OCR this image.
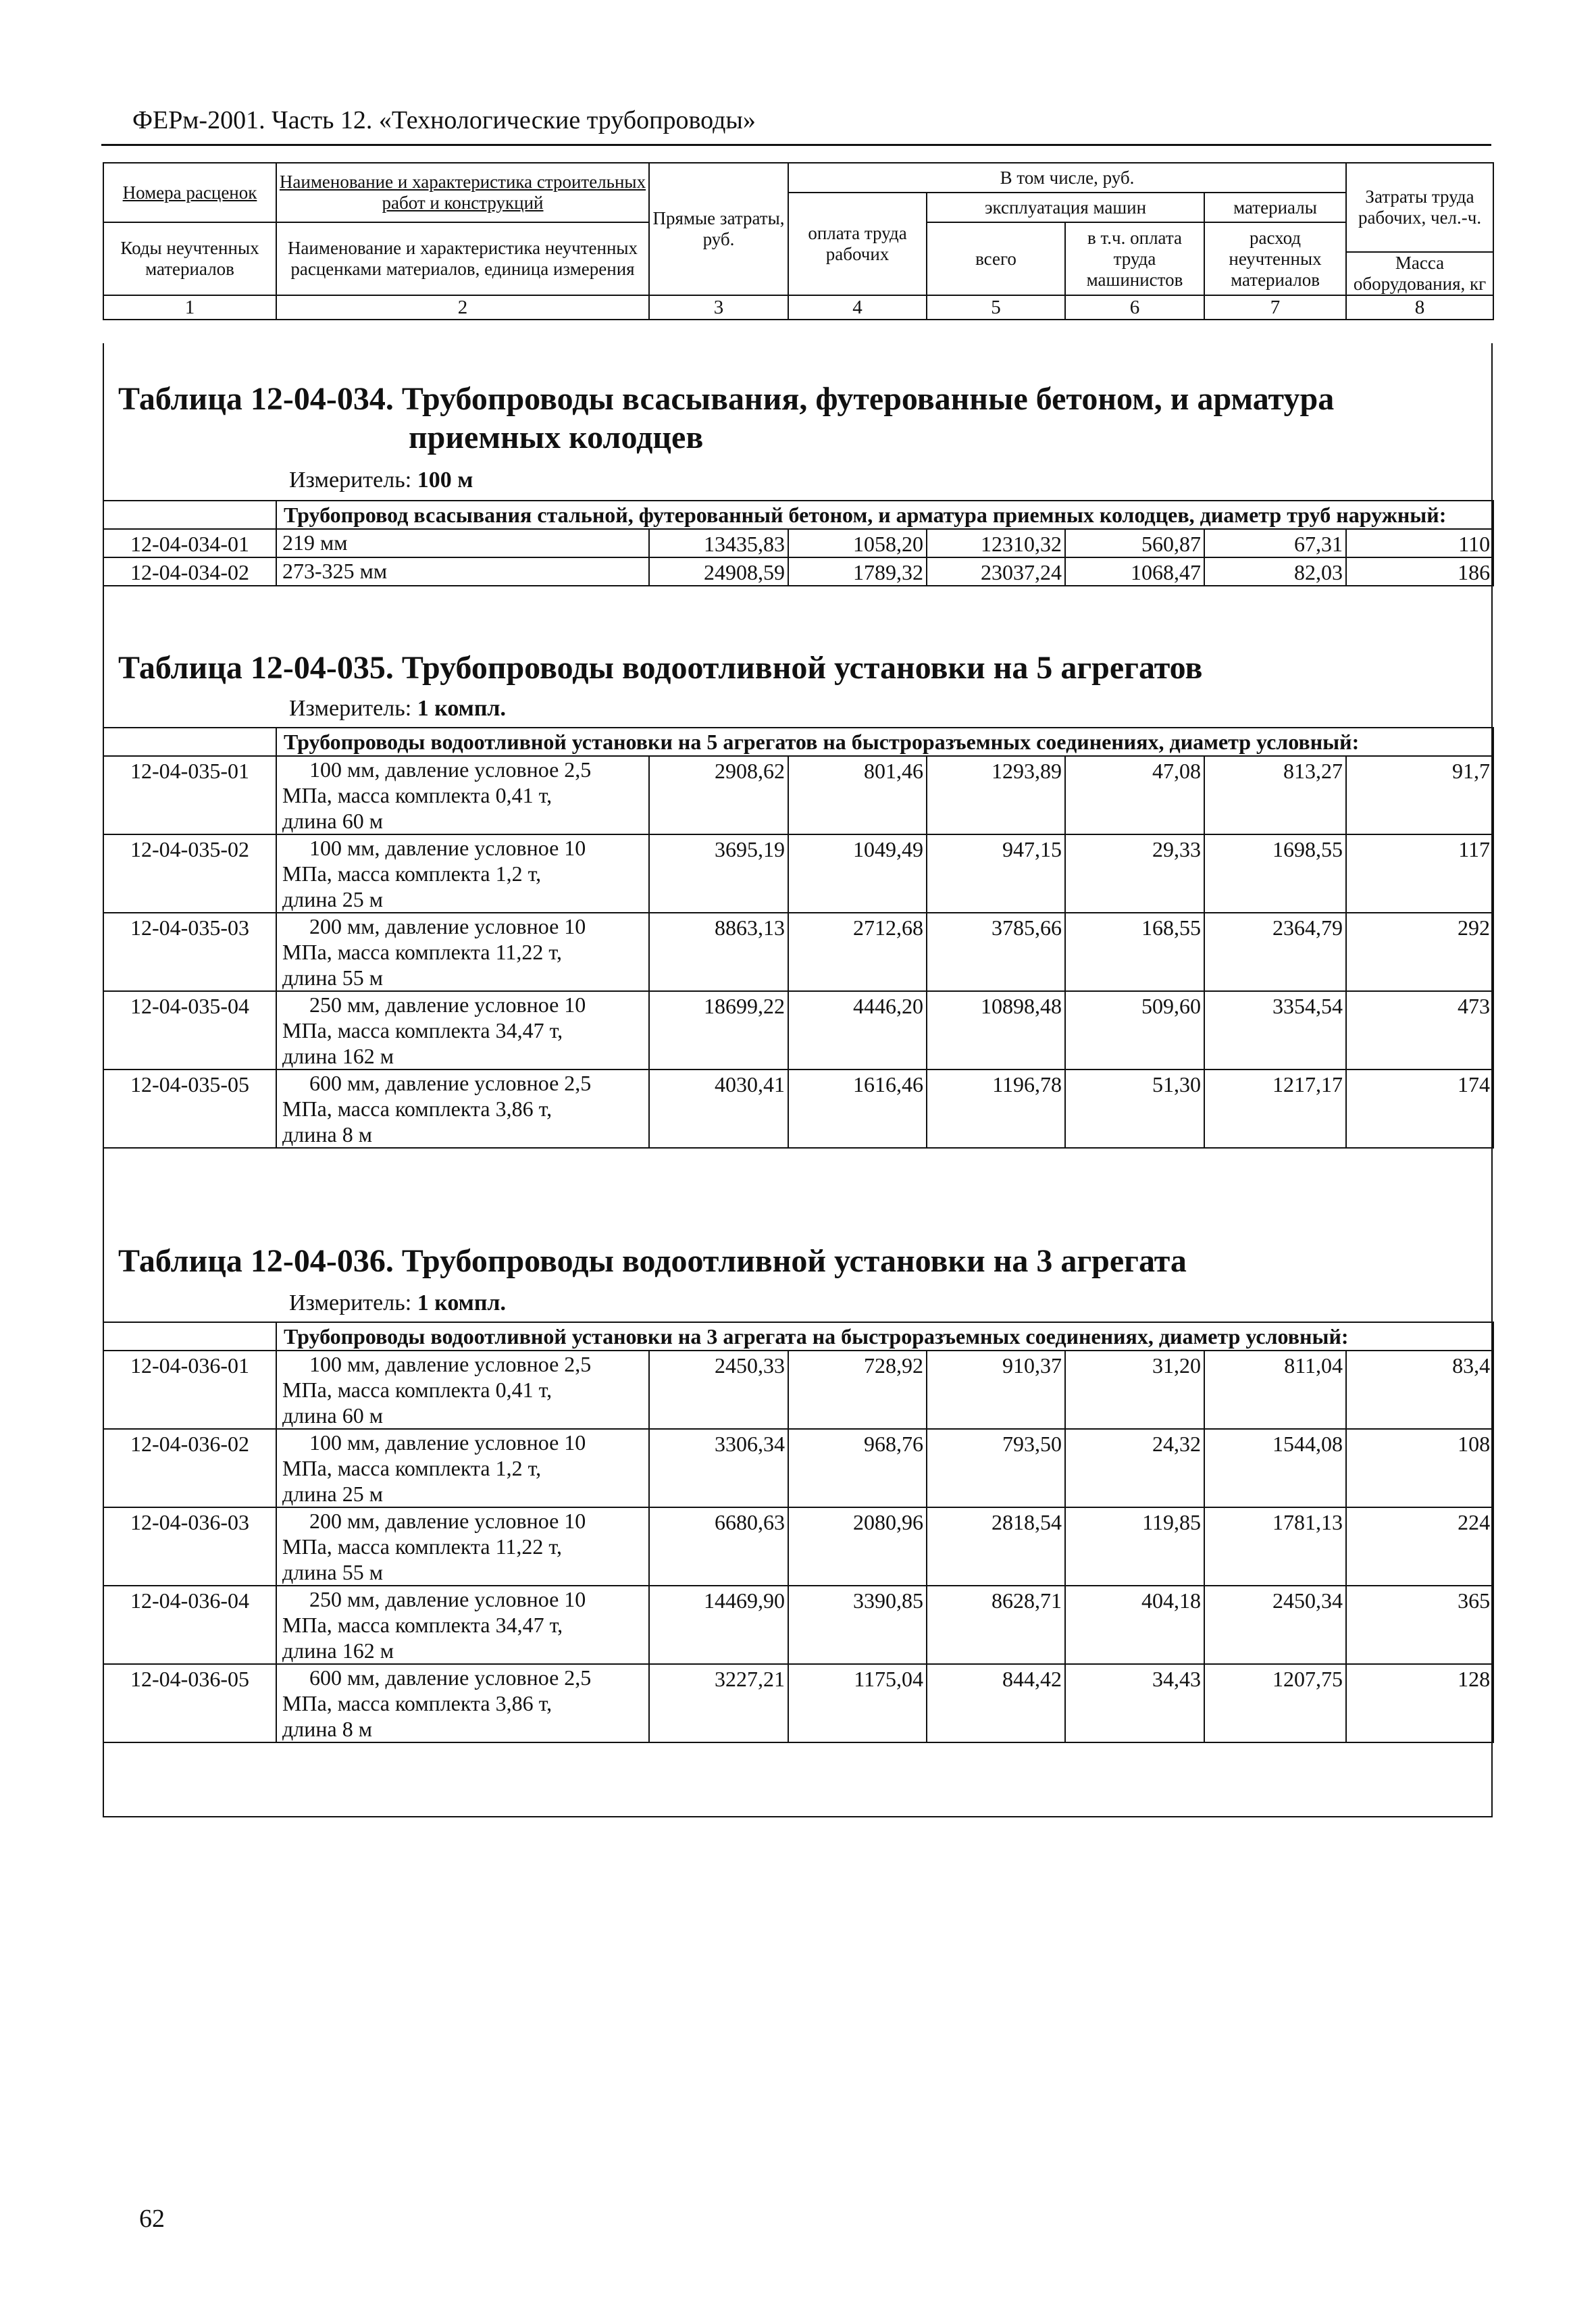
ФЕРм-2001. Часть 12. «Технологические трубопроводы»
Номера расценок	Наименование и характеристика строительных работ и конструкций	Прямые затраты, руб.	В том числе, руб.				Затраты труда рабочих, чел.-ч.
			оплата труда рабочих	эксплуатация машин		материалы	
Коды неучтенных материалов	Наименование и характеристика неучтенных расценками материалов, единица измерения			всего	в т.ч. оплата труда машинистов	расход неучтенных материалов	
							Масса оборудования, кг
1	2	3	4	5	6	7	8
Таблица 12-04-034. Трубопроводы всасывания, футерованные бетоном, и арматура
приемных колодцев
Измеритель: 100 м
	Трубопровод всасывания стальной, футерованный бетоном, и арматура приемных колодцев, диаметр труб наружный:						
12-04-034-01	219 мм	13435,83	1058,20	12310,32	560,87	67,31	110
12-04-034-02	273-325 мм	24908,59	1789,32	23037,24	1068,47	82,03	186
Таблица 12-04-035. Трубопроводы водоотливной установки на 5 агрегатов
Измеритель: 1 компл.
	Трубопроводы водоотливной установки на 5 агрегатов на быстроразъемных соединениях, диаметр условный:						
12-04-035-01	100 мм, давление условное 2,5
МПа, масса комплекта 0,41 т,
длина 60 м	2908,62	801,46	1293,89	47,08	813,27	91,7
12-04-035-02	100 мм, давление условное 10
МПа, масса комплекта 1,2 т,
длина 25 м	3695,19	1049,49	947,15	29,33	1698,55	117
12-04-035-03	200 мм, давление условное 10
МПа, масса комплекта 11,22 т,
длина 55 м	8863,13	2712,68	3785,66	168,55	2364,79	292
12-04-035-04	250 мм, давление условное 10
МПа, масса комплекта 34,47 т,
длина 162 м	18699,22	4446,20	10898,48	509,60	3354,54	473
12-04-035-05	600 мм, давление условное 2,5
МПа, масса комплекта 3,86 т,
длина 8 м	4030,41	1616,46	1196,78	51,30	1217,17	174
Таблица 12-04-036. Трубопроводы водоотливной установки на 3 агрегата
Измеритель: 1 компл.
	Трубопроводы водоотливной установки на 3 агрегата на быстроразъемных соединениях, диаметр условный:						
12-04-036-01	100 мм, давление условное 2,5
МПа, масса комплекта 0,41 т,
длина 60 м	2450,33	728,92	910,37	31,20	811,04	83,4
12-04-036-02	100 мм, давление условное 10
МПа, масса комплекта 1,2 т,
длина 25 м	3306,34	968,76	793,50	24,32	1544,08	108
12-04-036-03	200 мм, давление условное 10
МПа, масса комплекта 11,22 т,
длина 55 м	6680,63	2080,96	2818,54	119,85	1781,13	224
12-04-036-04	250 мм, давление условное 10
МПа, масса комплекта 34,47 т,
длина 162 м	14469,90	3390,85	8628,71	404,18	2450,34	365
12-04-036-05	600 мм, давление условное 2,5
МПа, масса комплекта 3,86 т,
длина 8 м	3227,21	1175,04	844,42	34,43	1207,75	128
62
